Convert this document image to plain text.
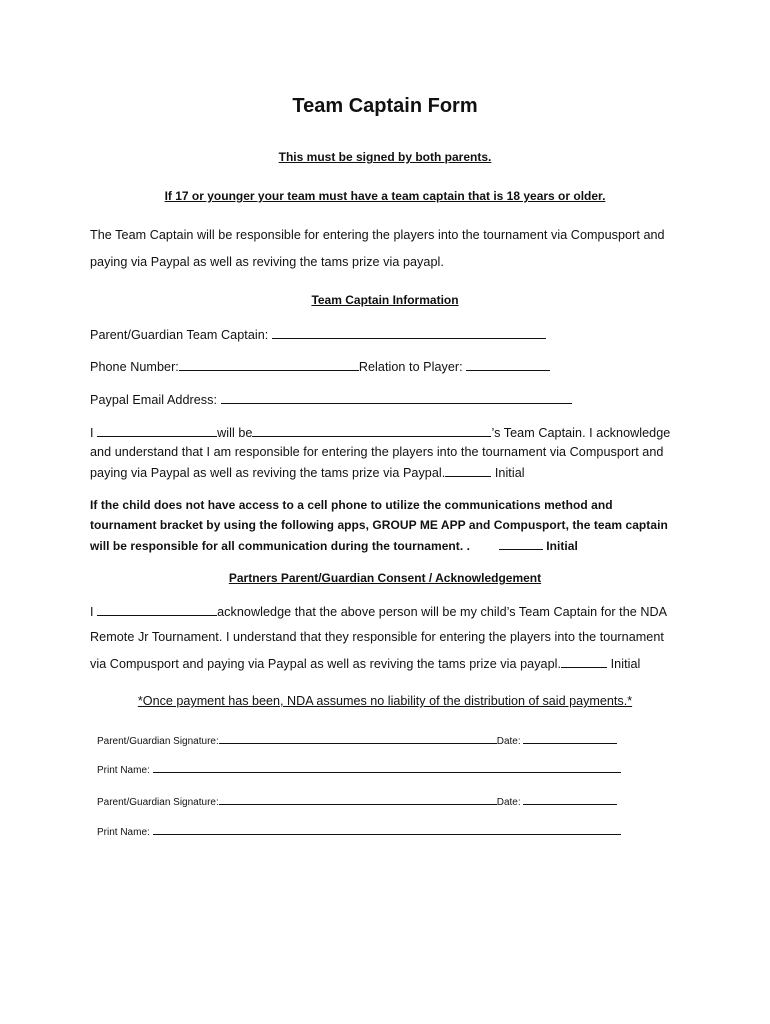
Team Captain Form
This must be signed by both parents.
If 17 or younger your team must have a team captain that is 18 years or older.
The Team Captain will be responsible for entering the players into the tournament via Compusport and
paying via Paypal as well as reviving the tams prize via payapl.
Team Captain Information
Parent/Guardian Team Captain:
Phone Number:	Relation to Player:
Paypal Email Address:
I	will be	’s Team Captain. I acknowledge
and understand that I am responsible for entering the players into the tournament via Compusport and
paying via Paypal as well as reviving the tams prize via Paypal.	Initial
If the child does not have access to a cell phone to utilize the communications method and
tournament bracket by using the following apps, GROUP ME APP and Compusport, the team captain
will be responsible for all communication during the tournament. .	Initial
Partners Parent/Guardian Consent / Acknowledgement
I	acknowledge that the above person will be my child’s Team Captain for the NDA
Remote Jr Tournament. I understand that they responsible for entering the players into the tournament
via Compusport and paying via Paypal as well as reviving the tams prize via payapl.	Initial
*Once payment has been, NDA assumes no liability of the distribution of said payments.*
Parent/Guardian Signature:	Date:
Print Name:
Parent/Guardian Signature:	Date:
Print Name:
